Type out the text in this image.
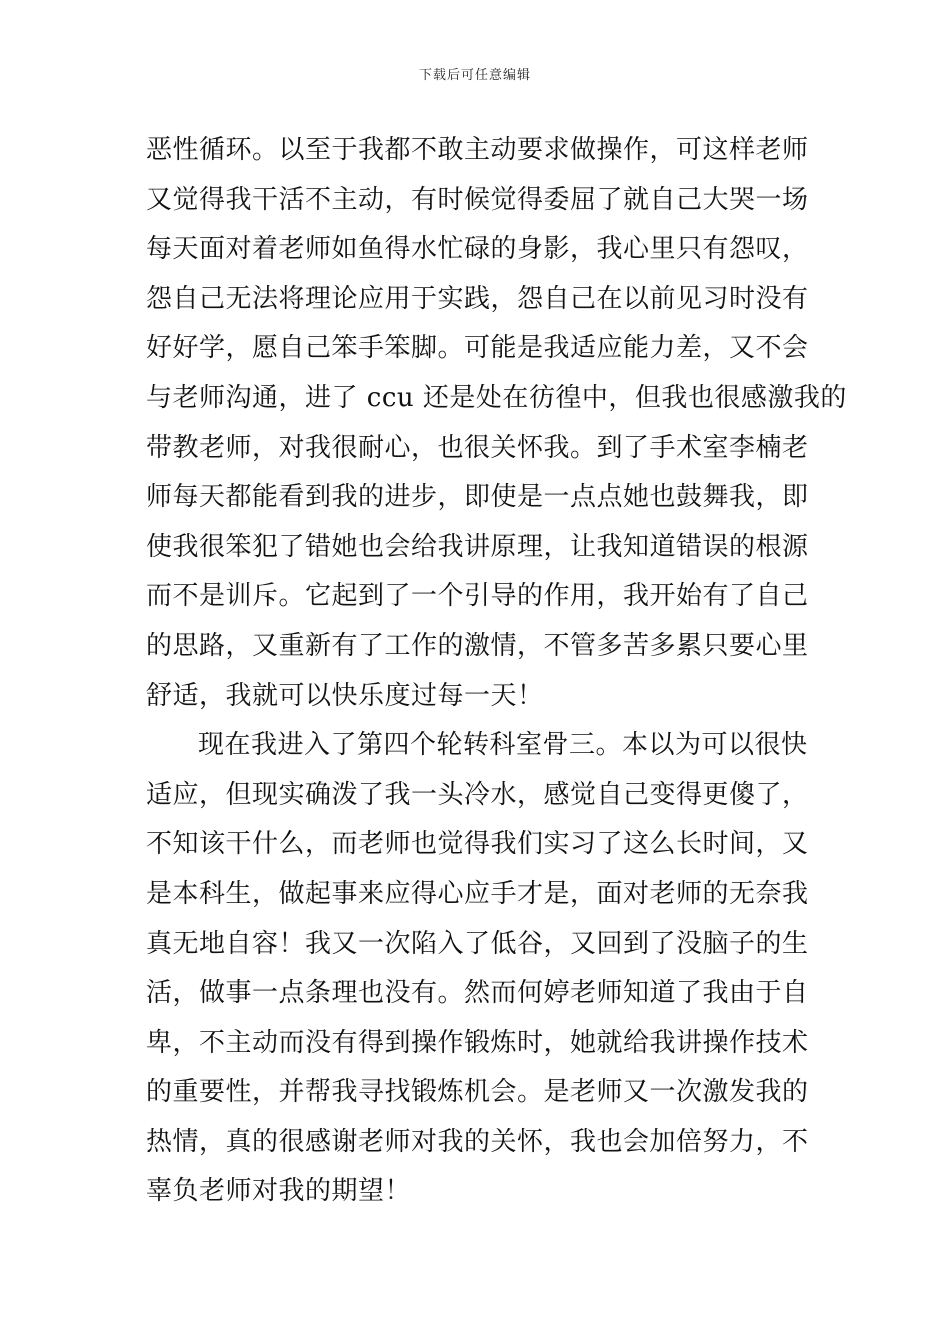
下载后可任意编辑
恶性循环。以至于我都不敢主动要求做操作，可这样老师
又觉得我干活不主动，有时候觉得委屈了就自己大哭一场
每天面对着老师如鱼得水忙碌的身影，我心里只有怨叹，
怨自己无法将理论应用于实践，怨自己在以前见习时没有
好好学，愿自己笨手笨脚。可能是我适应能力差，又不会
与老师沟通，进了 ccu 还是处在彷徨中，但我也很感激我的
带教老师，对我很耐心，也很关怀我。到了手术室李楠老
师每天都能看到我的进步，即使是一点点她也鼓舞我，即
使我很笨犯了错她也会给我讲原理，让我知道错误的根源
而不是训斥。它起到了一个引导的作用，我开始有了自己
的思路，又重新有了工作的激情，不管多苦多累只要心里
舒适，我就可以快乐度过每一天！
现在我进入了第四个轮转科室骨三。本以为可以很快
适应，但现实确泼了我一头冷水，感觉自己变得更傻了，
不知该干什么，而老师也觉得我们实习了这么长时间，又
是本科生，做起事来应得心应手才是，面对老师的无奈我
真无地自容！我又一次陷入了低谷，又回到了没脑子的生
活，做事一点条理也没有。然而何婷老师知道了我由于自
卑，不主动而没有得到操作锻炼时，她就给我讲操作技术
的重要性，并帮我寻找锻炼机会。是老师又一次激发我的
热情，真的很感谢老师对我的关怀，我也会加倍努力，不
辜负老师对我的期望！
